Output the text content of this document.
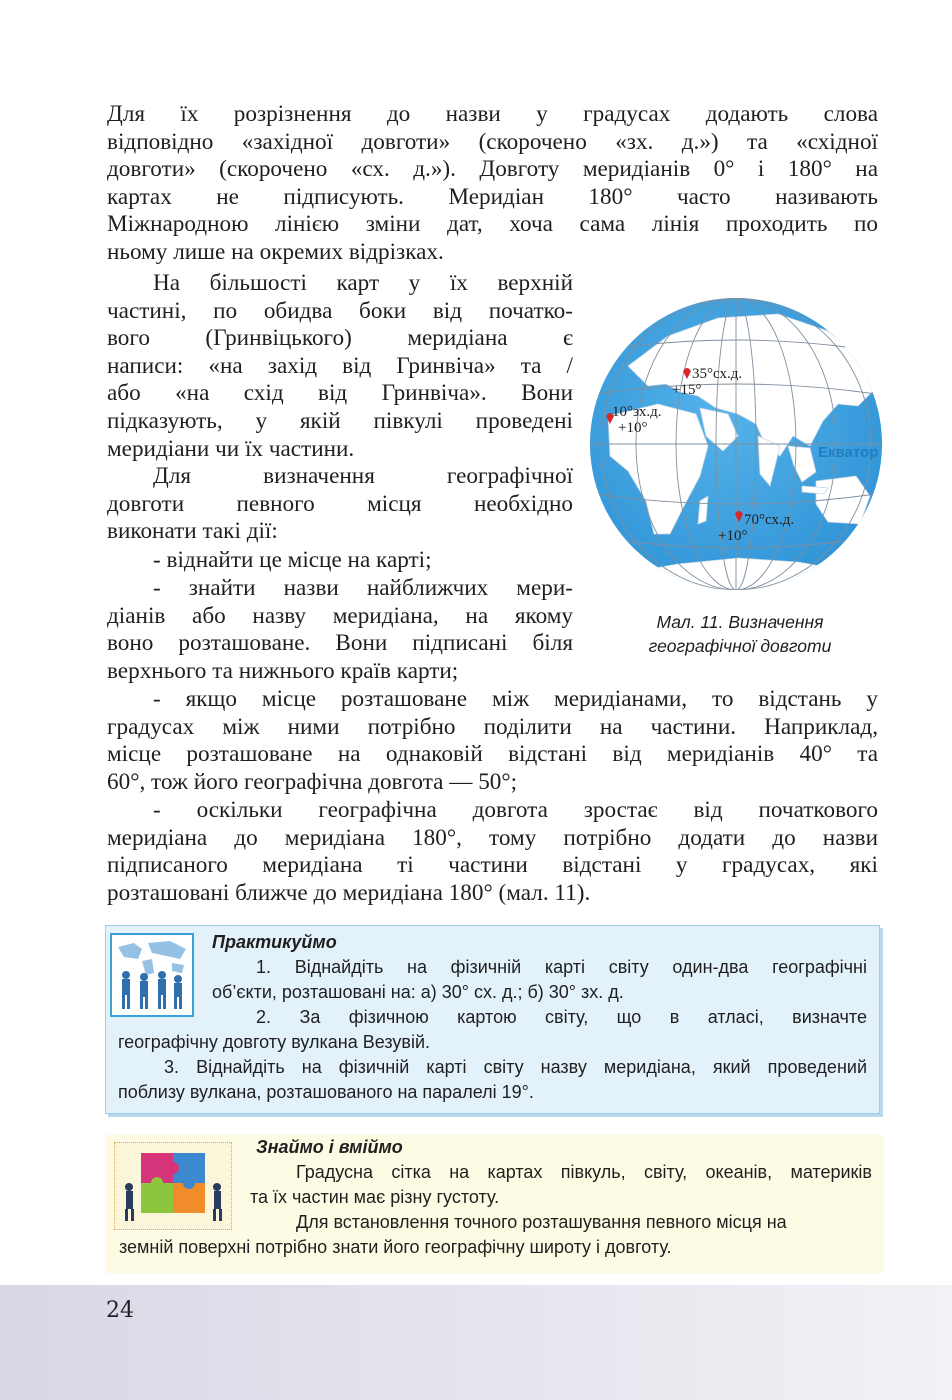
Для їх розрізнення до назви у градусах додають слова
відповідно «західної довготи» (скорочено «зх. д.») та «східної
довготи» (скорочено «сх. д.»). Довготу меридіанів 0° і 180° на
картах не підписують. Меридіан 180° часто називають
Міжнародною лінією зміни дат, хоча сама лінія проходить по
ньому лише на окремих відрізках.
На більшості карт у їх верхній
частині, по обидва боки від початко-
вого (Гринвіцького) меридіана є
написи: «на захід від Гринвіча» та /
або «на схід від Гринвіча». Вони
підказують, у якій півкулі проведені
меридіани чи їх частини.
Для визначення географічної
довготи певного місця необхідно
виконати такі дії:
- віднайти це місце на карті;
- знайти назви найближчих мери-
діанів або назву меридіана, на якому
воно розташоване. Вони підписані біля
верхнього та нижнього країв карти;
- якщо місце розташоване між меридіанами, то відстань у
градусах між ними потрібно поділити на частини. Наприклад,
місце розташоване на однаковій відстані від меридіанів 40° та
60°, тож його географічна довгота — 50°;
- оскільки географічна довгота зростає від початкового
меридіана до меридіана 180°, тому потрібно додати до назви
підписаного меридіана ті частини відстані у градусах, які
розташовані ближче до меридіана 180° (мал. 11).
35°сх.д.
+15°
10°зх.д.
+10°
Екватор
70°сх.д.
+10°
Мал. 11. Визначення
географічної довготи
Практикуймо
1. Віднайдіть на фізичній карті світу один-два географічні
об’єкти, розташовані на: а) 30° сх. д.; б) 30° зх. д.
2. За фізичною картою світу, що в атласі, визначте
географічну довготу вулкана Везувій.
3. Віднайдіть на фізичній карті світу назву меридіана, який проведений
поблизу вулкана, розташованого на паралелі 19°.
Знаймо і вміймо
Градусна сітка на картах півкуль, світу, океанів, материків
та їх частин має різну густоту.
Для встановлення точного розташування певного місця на
земній поверхні потрібно знати його географічну широту і довготу.
24
